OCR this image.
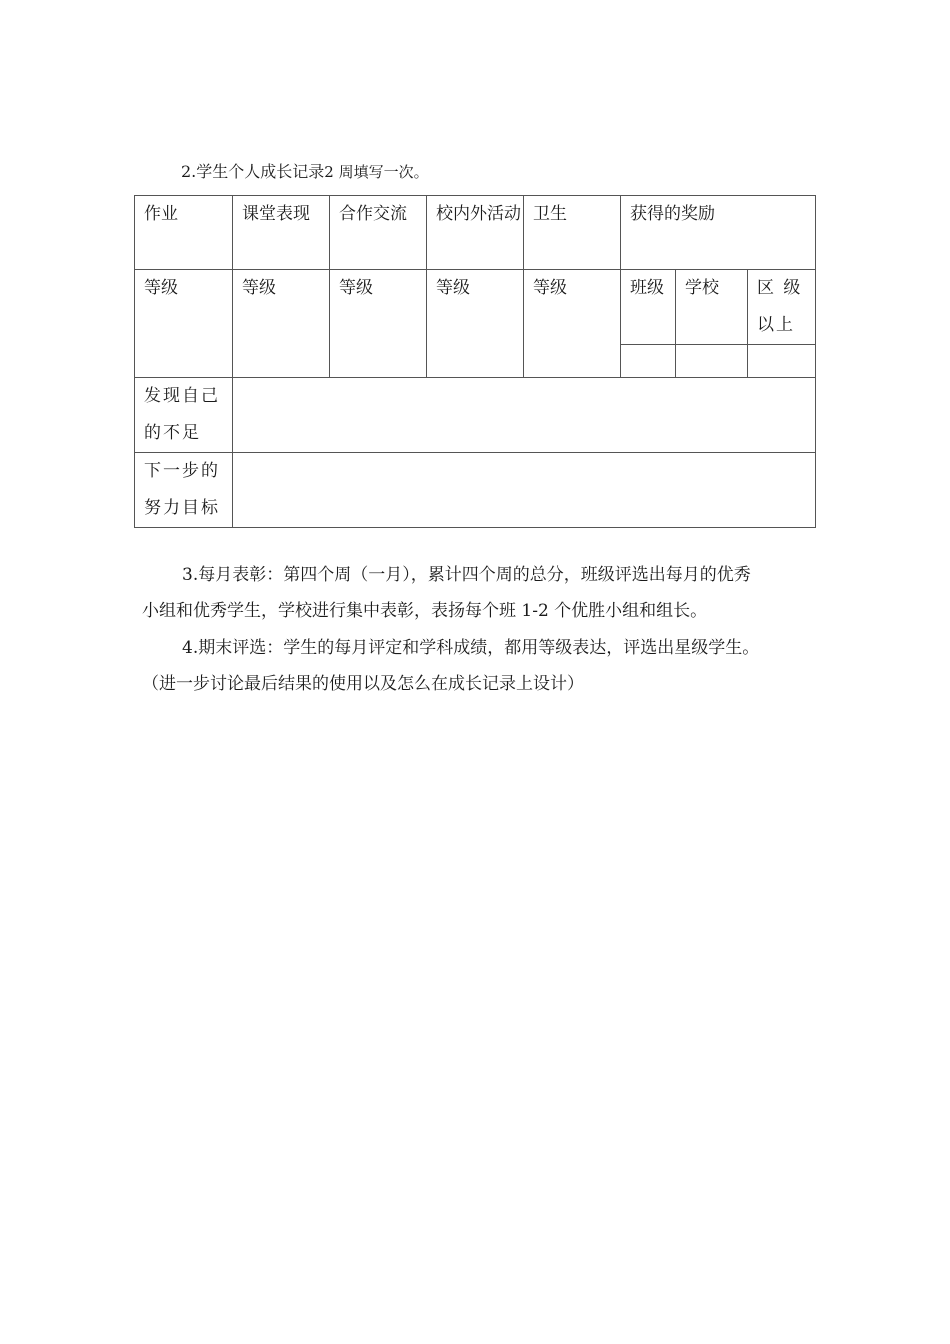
2.学生个人成长记录2 周填写一次。
作业	课堂表现	合作交流	校内外活动	卫生	获得的奖励		
等级	等级	等级	等级	等级	班级	学校	区 级以上

发现自己的不足							
下一步的努力目标							
3.每月表彰：第四个周（一月），累计四个周的总分，班级评选出每月的优秀
小组和优秀学生，学校进行集中表彰，表扬每个班 1-2 个优胜小组和组长。
4.期末评选：学生的每月评定和学科成绩，都用等级表达，评选出星级学生。
（进一步讨论最后结果的使用以及怎么在成长记录上设计）
